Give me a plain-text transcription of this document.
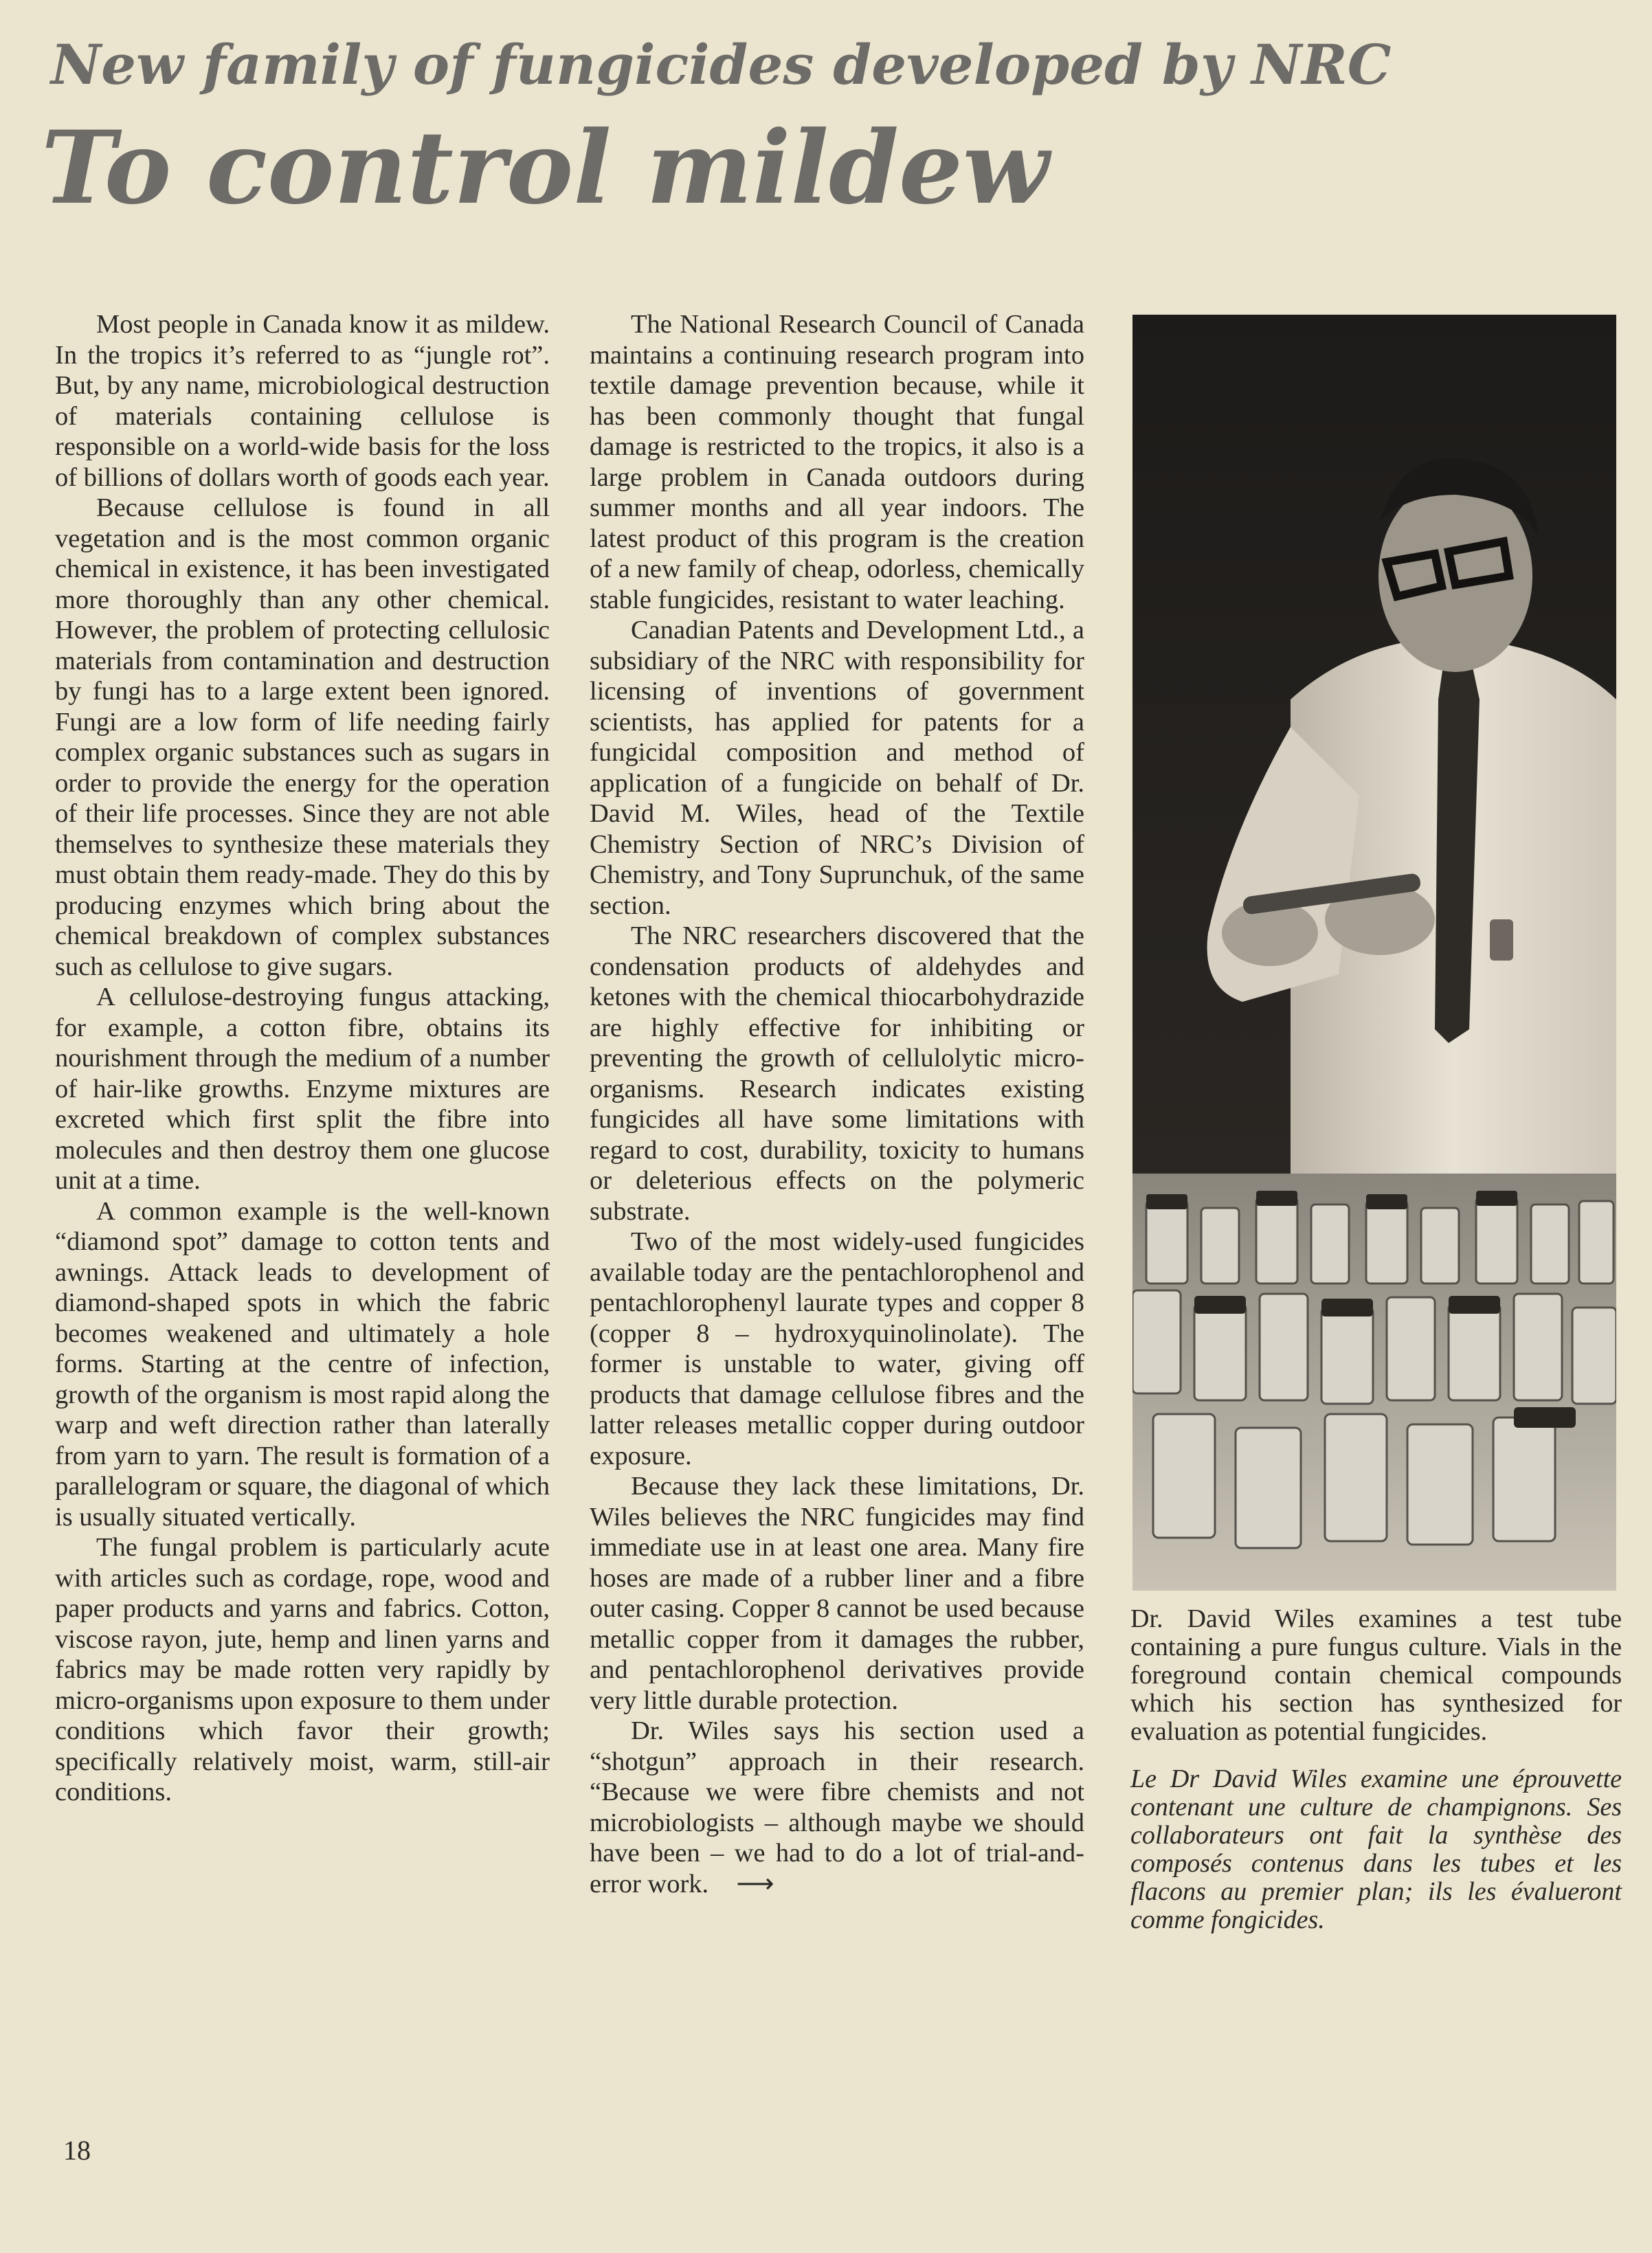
New family of fungicides developed by NRC
To control mildew

Most people in Canada know it as mildew. In the tropics it’s referred to as “jungle rot”. But, by any name, microbiological destruction of materials containing cellulose is responsible on a world-wide basis for the loss of billions of dollars worth of goods each year.

Because cellulose is found in all vegetation and is the most common organic chemical in existence, it has been investigated more thoroughly than any other chemical. However, the problem of protecting cellulosic materials from contamination and destruction by fungi has to a large extent been ignored. Fungi are a low form of life needing fairly complex organic substances such as sugars in order to provide the energy for the operation of their life processes. Since they are not able themselves to synthesize these materials they must obtain them ready-made. They do this by producing enzymes which bring about the chemical breakdown of complex substances such as cellulose to give sugars.

A cellulose-destroying fungus attacking, for example, a cotton fibre, obtains its nourishment through the medium of a number of hair-like growths. Enzyme mixtures are excreted which first split the fibre into molecules and then destroy them one glucose unit at a time.

A common example is the well-known “diamond spot” damage to cotton tents and awnings. Attack leads to development of diamond-shaped spots in which the fabric becomes weakened and ultimately a hole forms. Starting at the centre of infection, growth of the organism is most rapid along the warp and weft direction rather than laterally from yarn to yarn. The result is formation of a parallelogram or square, the diagonal of which is usually situated vertically.

The fungal problem is particularly acute with articles such as cordage, rope, wood and paper products and yarns and fabrics. Cotton, viscose rayon, jute, hemp and linen yarns and fabrics may be made rotten very rapidly by micro-organisms upon exposure to them under conditions which favor their growth; specifically relatively moist, warm, still-air conditions.

The National Research Council of Canada maintains a continuing research program into textile damage prevention because, while it has been commonly thought that fungal damage is restricted to the tropics, it also is a large problem in Canada outdoors during summer months and all year indoors. The latest product of this program is the creation of a new family of cheap, odorless, chemically stable fungicides, resistant to water leaching.

Canadian Patents and Development Ltd., a subsidiary of the NRC with responsibility for licensing of inventions of government scientists, has applied for patents for a fungicidal composition and method of application of a fungicide on behalf of Dr. David M. Wiles, head of the Textile Chemistry Section of NRC’s Division of Chemistry, and Tony Suprunchuk, of the same section.

The NRC researchers discovered that the condensation products of aldehydes and ketones with the chemical thiocarbohydrazide are highly effective for inhibiting or preventing the growth of cellulolytic micro-organisms. Research indicates existing fungicides all have some limitations with regard to cost, durability, toxicity to humans or deleterious effects on the polymeric substrate.

Two of the most widely-used fungicides available today are the pentachlorophenol and pentachlorophenyl laurate types and copper 8 (copper 8 – hydroxyquinolinolate). The former is unstable to water, giving off products that damage cellulose fibres and the latter releases metallic copper during outdoor exposure.

Because they lack these limitations, Dr. Wiles believes the NRC fungicides may find immediate use in at least one area. Many fire hoses are made of a rubber liner and a fibre outer casing. Copper 8 cannot be used because metallic copper from it damages the rubber, and pentachlorophenol derivatives provide very little durable protection.

Dr. Wiles says his section used a “shotgun” approach in their research. “Because we were fibre chemists and not microbiologists – although maybe we should have been – we had to do a lot of trial-and-error work. ⟶

Dr. David Wiles examines a test tube containing a pure fungus culture. Vials in the foreground contain chemical compounds which his section has synthesized for evaluation as potential fungicides.

Le Dr David Wiles examine une éprouvette contenant une culture de champignons. Ses collaborateurs ont fait la synthèse des composés contenus dans les tubes et les flacons au premier plan; ils les évalueront comme fongicides.

18
